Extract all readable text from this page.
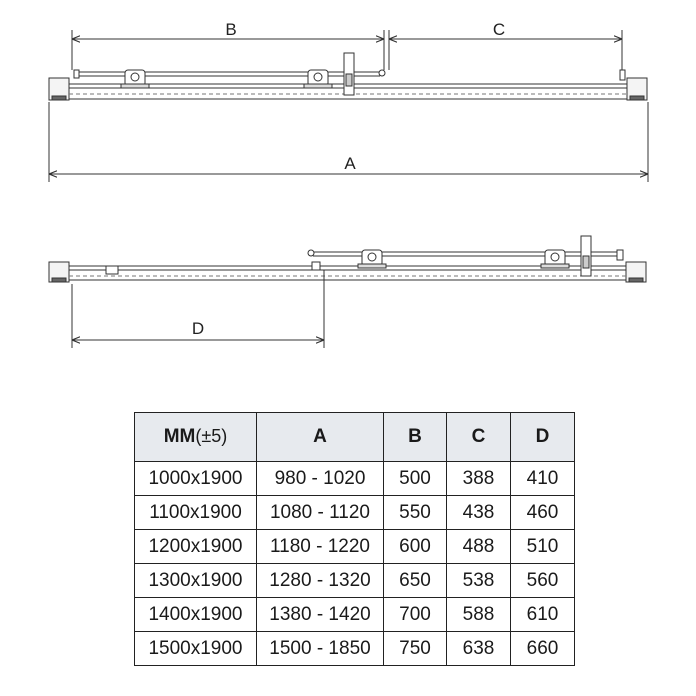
B	C
A
D
MM(±5)	A	B	C	D
1000x1900	980 - 1020	500	388	410
1100x1900	1080 - 1120	550	438	460
1200x1900	1180 - 1220	600	488	510
1300x1900	1280 - 1320	650	538	560
1400x1900	1380 - 1420	700	588	610
1500x1900	1500 - 1850	750	638	660
